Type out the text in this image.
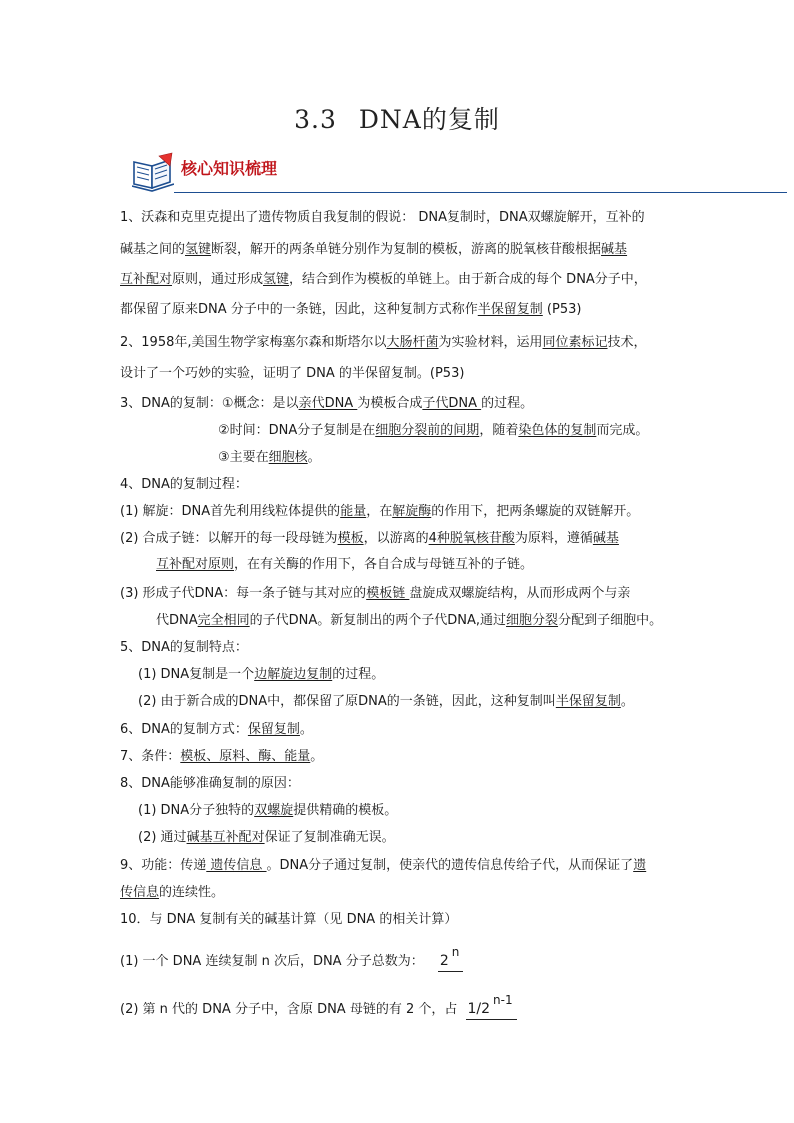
3.3 DNA的复制
核心知识梳理
1、沃森和克里克提出了遗传物质自我复制的假说： DNA复制时，DNA双螺旋解开，互补的
碱基之间的氢键断裂，解开的两条单链分别作为复制的模板，游离的脱氧核苷酸根据碱基
互补配对原则，通过形成氢键，结合到作为模板的单链上。由于新合成的每个 DNA分子中，
都保留了原来DNA 分子中的一条链，因此，这种复制方式称作半保留复制 (P53)
2、1958年,美国生物学家梅塞尔森和斯塔尔以大肠杆菌为实验材料，运用同位素标记技术，
设计了一个巧妙的实验，证明了 DNA 的半保留复制。(P53)
3、DNA的复制：①概念：是以亲代DNA 为模板合成子代DNA 的过程。
②时间：DNA分子复制是在细胞分裂前的间期，随着染色体的复制而完成。
③主要在细胞核。
4、DNA的复制过程：
(1) 解旋：DNA首先利用线粒体提供的能量，在解旋酶的作用下，把两条螺旋的双链解开。
(2) 合成子链：以解开的每一段母链为模板，以游离的4种脱氧核苷酸为原料，遵循碱基
互补配对原则，在有关酶的作用下，各自合成与母链互补的子链。
(3) 形成子代DNA：每一条子链与其对应的模板链 盘旋成双螺旋结构，从而形成两个与亲
代DNA完全相同的子代DNA。新复制出的两个子代DNA,通过细胞分裂分配到子细胞中。
5、DNA的复制特点：
(1) DNA复制是一个边解旋边复制的过程。
(2) 由于新合成的DNA中，都保留了原DNA的一条链，因此，这种复制叫半保留复制。
6、DNA的复制方式：保留复制。
7、条件：模板、原料、酶、能量。
8、DNA能够准确复制的原因：
(1) DNA分子独特的双螺旋提供精确的模板。
(2) 通过碱基互补配对保证了复制准确无误。
9、功能：传递 遗传信息 。DNA分子通过复制，使亲代的遗传信息传给子代，从而保证了遗
传信息的连续性。
10．与 DNA 复制有关的碱基计算（见 DNA 的相关计算）
(1) 一个 DNA 连续复制 n 次后，DNA 分子总数为： 2n
(2) 第 n 代的 DNA 分子中，含原 DNA 母链的有 2 个，占 1/2n-1
